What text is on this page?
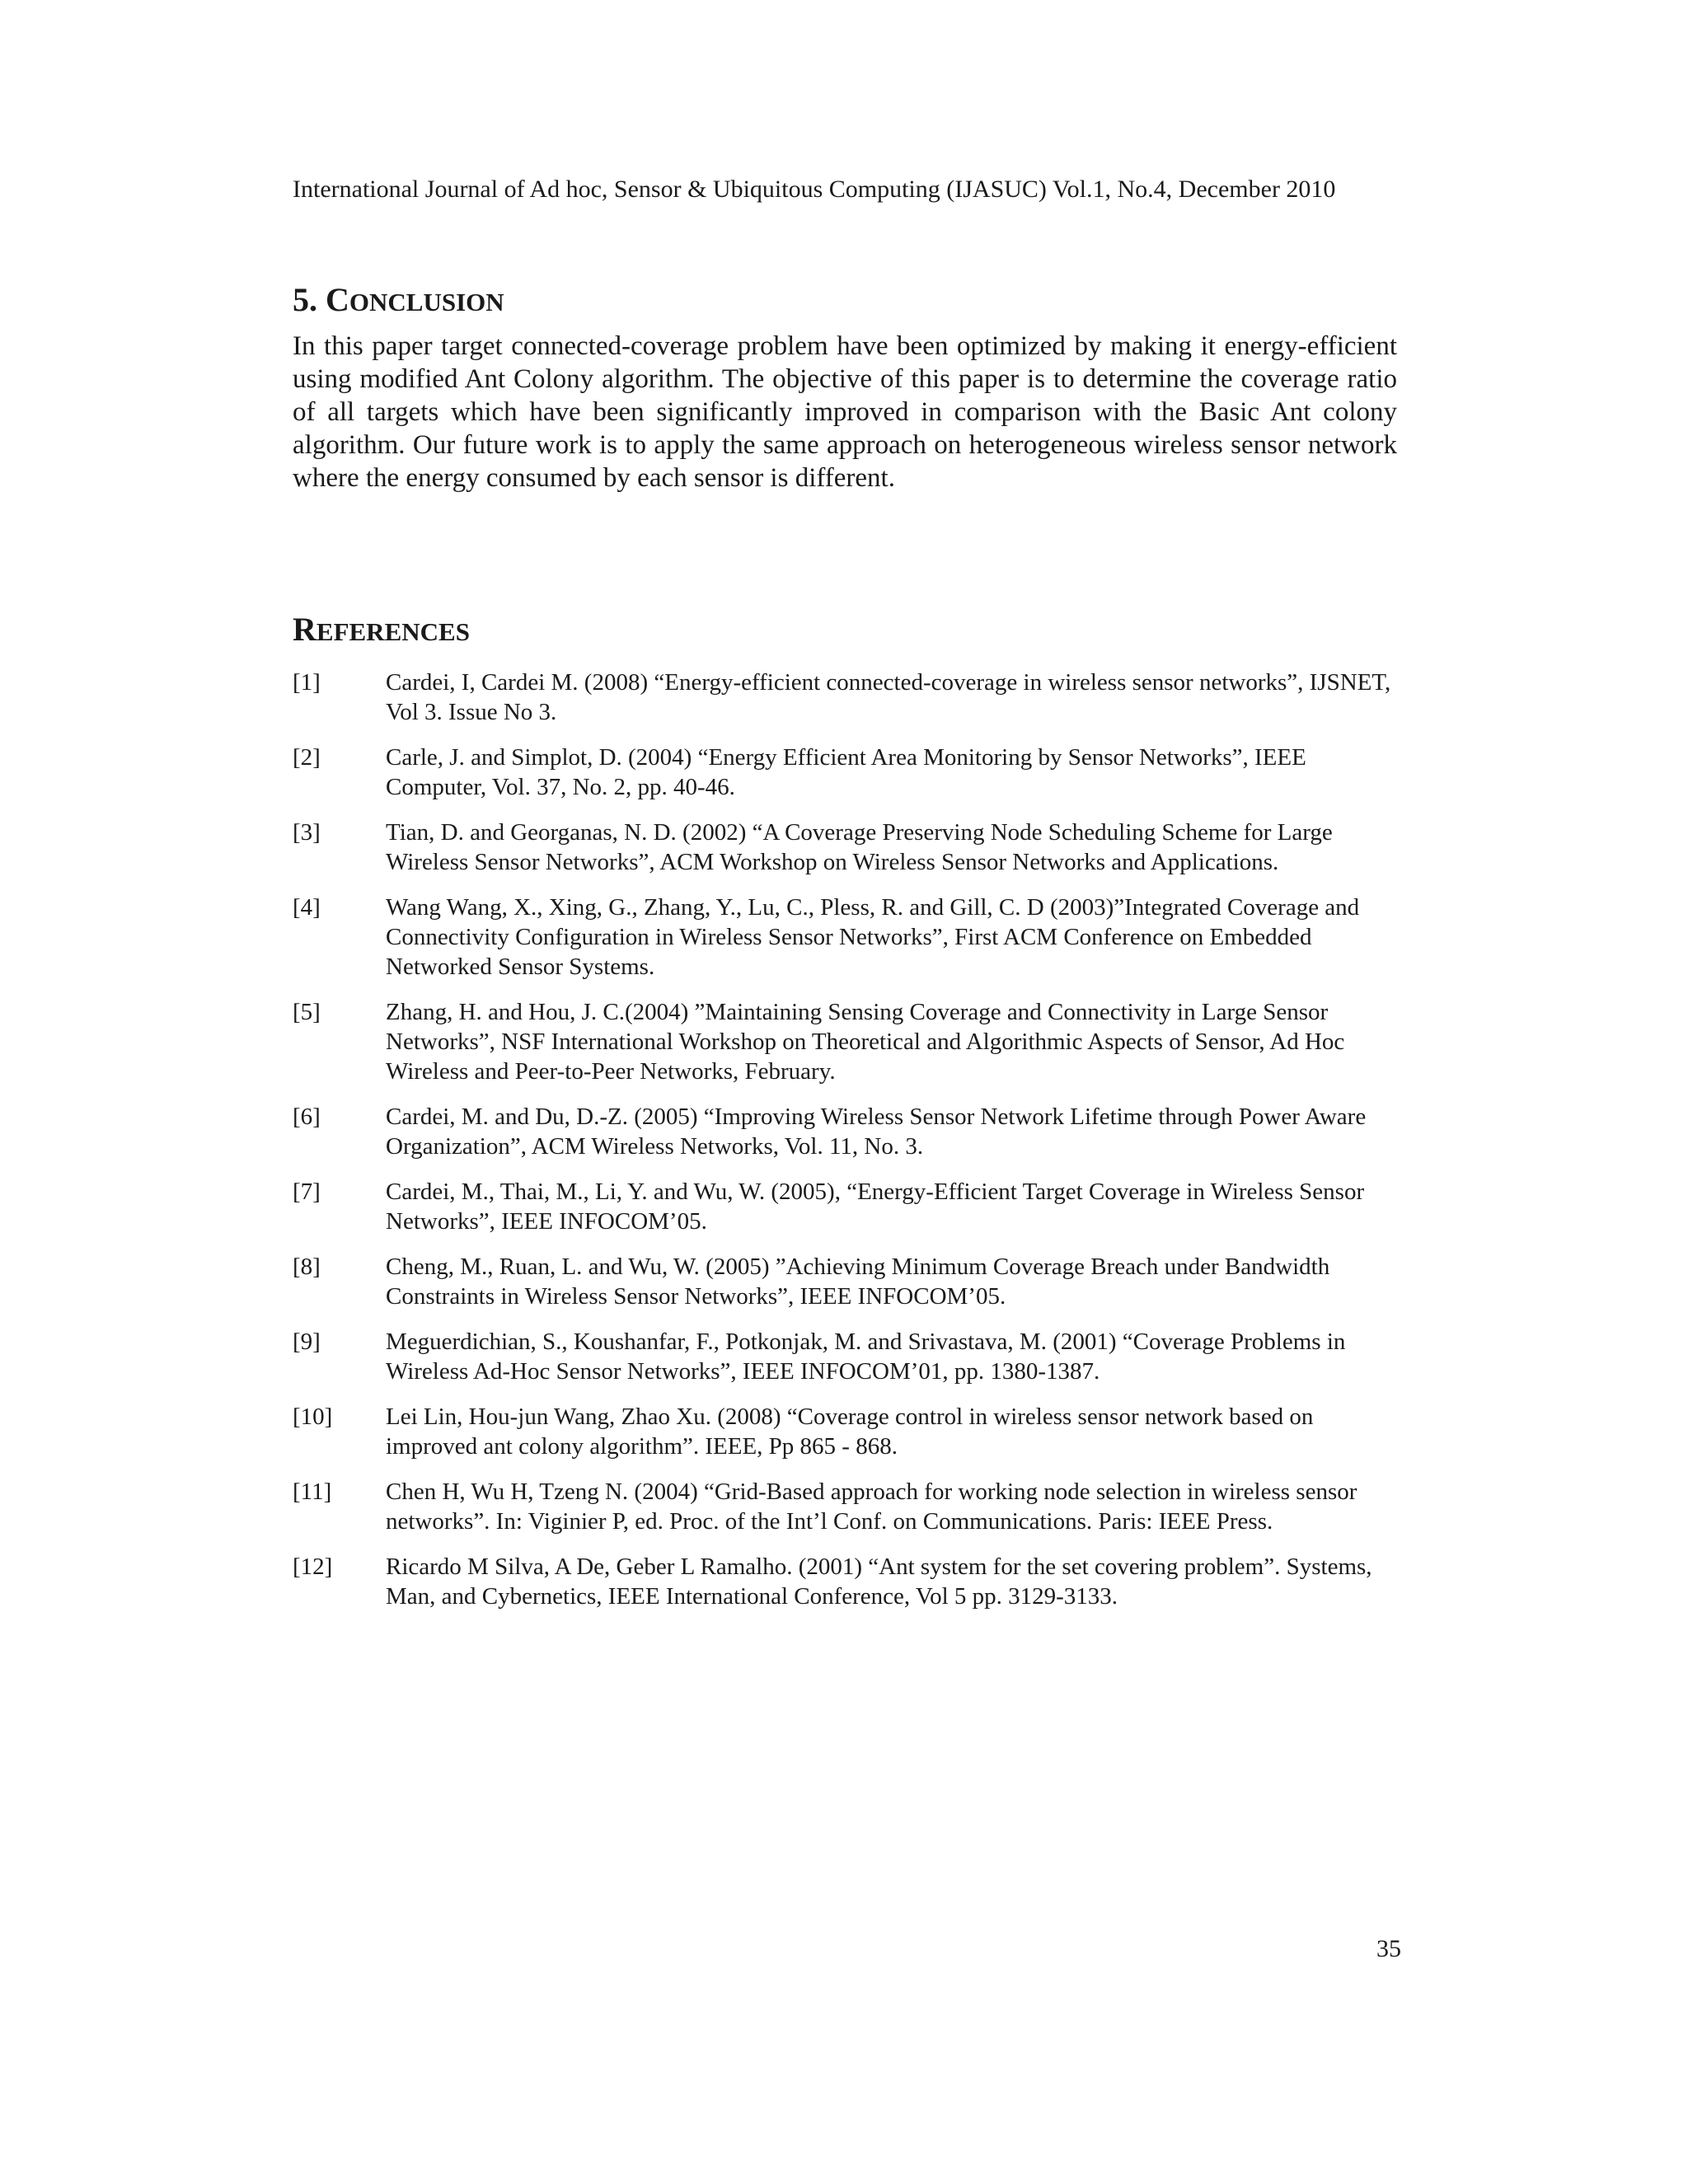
International Journal of Ad hoc, Sensor & Ubiquitous Computing (IJASUC) Vol.1, No.4, December 2010
5. CONCLUSION

In this paper target connected-coverage problem have been optimized by making it energy-efficient using modified Ant Colony algorithm. The objective of this paper is to determine the coverage ratio of all targets which have been significantly improved in comparison with the Basic Ant colony algorithm. Our future work is to apply the same approach on heterogeneous wireless sensor network where the energy consumed by each sensor is different.

REFERENCES
[1]	Cardei, I, Cardei M. (2008) “Energy-efficient connected-coverage in wireless sensor networks”, IJSNET, Vol 3. Issue No 3.
[2]	Carle, J. and Simplot, D. (2004) “Energy Efficient Area Monitoring by Sensor Networks”, IEEE Computer, Vol. 37, No. 2, pp. 40-46.
[3]	Tian, D. and Georganas, N. D. (2002) “A Coverage Preserving Node Scheduling Scheme for Large Wireless Sensor Networks”, ACM Workshop on Wireless Sensor Networks and Applications.
[4]	Wang Wang, X., Xing, G., Zhang, Y., Lu, C., Pless, R. and Gill, C. D (2003)”Integrated Coverage and Connectivity Configuration in Wireless Sensor Networks”, First ACM Conference on Embedded Networked Sensor Systems.
[5]	Zhang, H. and Hou, J. C.(2004) ”Maintaining Sensing Coverage and Connectivity in Large Sensor Networks”, NSF International Workshop on Theoretical and Algorithmic Aspects of Sensor, Ad Hoc Wireless and Peer-to-Peer Networks, February.
[6]	Cardei, M. and Du, D.-Z. (2005) “Improving Wireless Sensor Network Lifetime through Power Aware Organization”, ACM Wireless Networks, Vol. 11, No. 3.
[7]	Cardei, M., Thai, M., Li, Y. and Wu, W. (2005), “Energy-Efficient Target Coverage in Wireless Sensor Networks”, IEEE INFOCOM’05.
[8]	Cheng, M., Ruan, L. and Wu, W. (2005) ”Achieving Minimum Coverage Breach under Bandwidth Constraints in Wireless Sensor Networks”, IEEE INFOCOM’05.
[9]	Meguerdichian, S., Koushanfar, F., Potkonjak, M. and Srivastava, M. (2001) “Coverage Problems in Wireless Ad-Hoc Sensor Networks”, IEEE INFOCOM’01, pp. 1380-1387.
[10] Lei Lin, Hou-jun Wang, Zhao Xu. (2008) “Coverage control in wireless sensor network based on improved ant colony algorithm”. IEEE, Pp 865 - 868.
[11] Chen H, Wu H, Tzeng N. (2004) “Grid-Based approach for working node selection in wireless sensor networks”. In: Viginier P, ed. Proc. of the Int’l Conf. on Communications. Paris: IEEE Press.
[12] Ricardo M Silva, A De, Geber L Ramalho. (2001) “Ant system for the set covering problem”. Systems, Man, and Cybernetics, IEEE International Conference, Vol 5 pp. 3129-3133.
35
